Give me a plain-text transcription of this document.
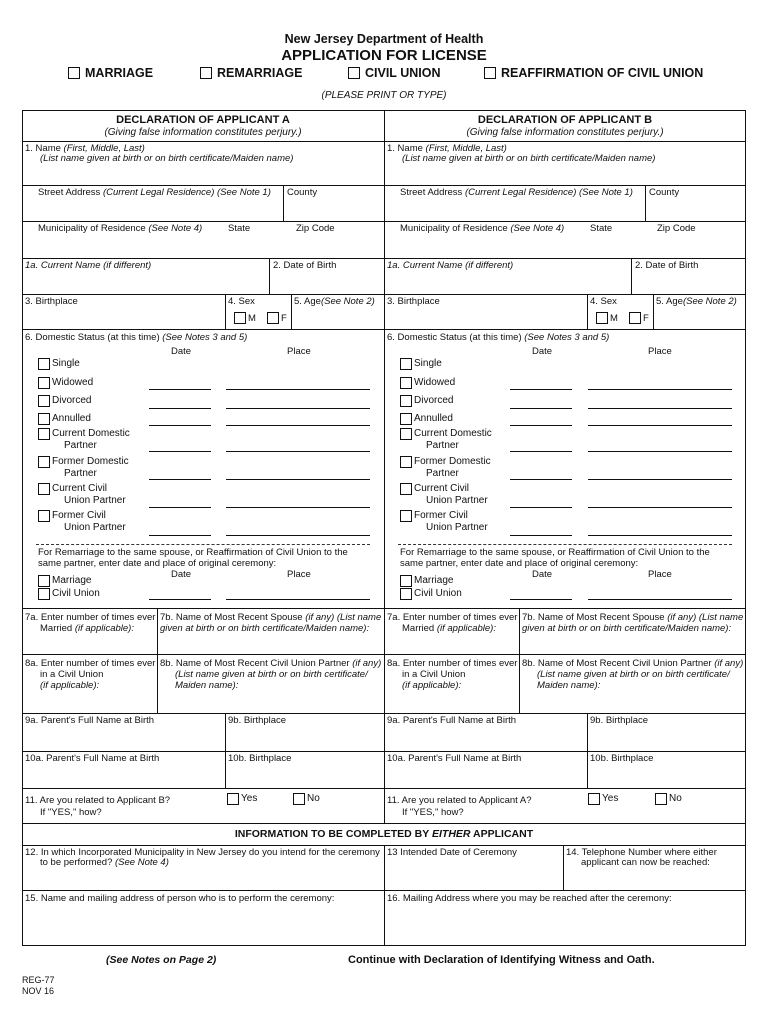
New Jersey Department of Health
APPLICATION FOR LICENSE
MARRIAGE	REMARRIAGE	CIVIL UNION	REAFFIRMATION OF CIVIL UNION
(PLEASE PRINT OR TYPE)
DECLARATION OF APPLICANT A
(Giving false information constitutes perjury.)
1. Name (First, Middle, Last)
(List name given at birth or on birth certificate/Maiden name)
Street Address (Current Legal Residence) (See Note 1) County
Municipality of Residence (See Note 4)	State	Zip Code
1a. Current Name (if different)	2. Date of Birth
3. Birthplace	4. Sex
M	F
5. Age(See Note 2)
6. Domestic Status (at this time) (See Notes 3 and 5)
Date	Place
Single
Widowed
Divorced
Annulled
Current Domestic
Partner
Former Domestic
Partner
Current Civil
Union Partner
Former Civil
Union Partner
For Remarriage to the same spouse, or Reaffirmation of Civil Union to the
same partner, enter date and place of original ceremony:
Date	Place
Marriage
Civil Union
7a. Enter number of times ever
Married (if applicable):
7b. Name of Most Recent Spouse (if any) (List name
given at birth or on birth certificate/Maiden name):
8a. Enter number of times ever
in a Civil Union
(if applicable):
8b. Name of Most Recent Civil Union Partner (if any)
(List name given at birth or on birth certificate/
Maiden name):
9a. Parent's Full Name at Birth	9b. Birthplace
10a. Parent's Full Name at Birth	10b. Birthplace
11. Are you related to Applicant B?
If "YES," how?
Yes	No
DECLARATION OF APPLICANT B
(Giving false information constitutes perjury.)
1. Name (First, Middle, Last)
(List name given at birth or on birth certificate/Maiden name)
Street Address (Current Legal Residence) (See Note 1) County
Municipality of Residence (See Note 4)	State	Zip Code
1a. Current Name (if different)	2. Date of Birth
3. Birthplace	4. Sex
M	F
5. Age(See Note 2)
6. Domestic Status (at this time) (See Notes 3 and 5)
Date	Place
Single
Widowed
Divorced
Annulled
Current Domestic
Partner
Former Domestic
Partner
Current Civil
Union Partner
Former Civil
Union Partner
For Remarriage to the same spouse, or Reaffirmation of Civil Union to the
same partner, enter date and place of original ceremony:
Date	Place
Marriage
Civil Union
7a. Enter number of times ever
Married (if applicable):
7b. Name of Most Recent Spouse (if any) (List name
given at birth or on birth certificate/Maiden name):
8a. Enter number of times ever
in a Civil Union
(if applicable):
8b. Name of Most Recent Civil Union Partner (if any)
(List name given at birth or on birth certificate/
Maiden name):
9a. Parent's Full Name at Birth	9b. Birthplace
10a. Parent's Full Name at Birth	10b. Birthplace
11. Are you related to Applicant A?
If "YES," how?
Yes	No
INFORMATION TO BE COMPLETED BY EITHER APPLICANT
12. In which Incorporated Municipality in New Jersey do you intend for the ceremony
to be performed? (See Note 4)
13 Intended Date of Ceremony	14. Telephone Number where either
applicant can now be reached:
15. Name and mailing address of person who is to perform the ceremony:	16. Mailing Address where you may be reached after the ceremony:
(See Notes on Page 2)	Continue with Declaration of Identifying Witness and Oath.
REG-77
NOV 16
